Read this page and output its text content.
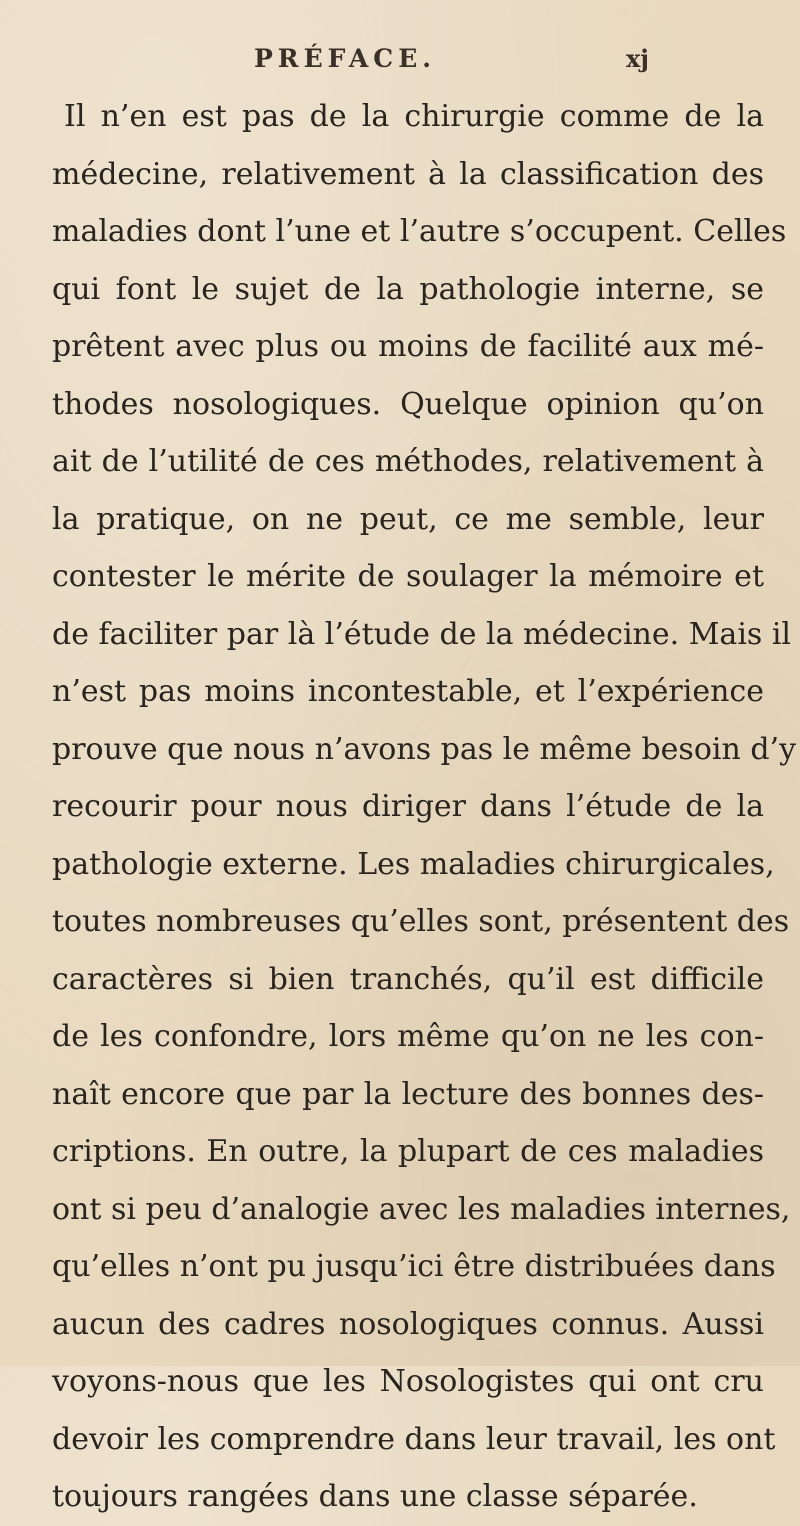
PRÉFACE.	xj
Il n’en est pas de la chirurgie comme de la
médecine, relativement à la classification des
maladies dont l’une et l’autre s’occupent. Celles
qui font le sujet de la pathologie interne, se
prêtent avec plus ou moins de facilité aux mé-
thodes nosologiques. Quelque opinion qu’on
ait de l’utilité de ces méthodes, relativement à
la pratique, on ne peut, ce me semble, leur
contester le mérite de soulager la mémoire et
de faciliter par là l’étude de la médecine. Mais il
n’est pas moins incontestable, et l’expérience
prouve que nous n’avons pas le même besoin d’y
recourir pour nous diriger dans l’étude de la
pathologie externe. Les maladies chirurgicales,
toutes nombreuses qu’elles sont, présentent des
caractères si bien tranchés, qu’il est difficile
de les confondre, lors même qu’on ne les con-
naît encore que par la lecture des bonnes des-
criptions. En outre, la plupart de ces maladies
ont si peu d’analogie avec les maladies internes,
qu’elles n’ont pu jusqu’ici être distribuées dans
aucun des cadres nosologiques connus. Aussi
voyons-nous que les Nosologistes qui ont cru
devoir les comprendre dans leur travail, les ont
toujours rangées dans une classe séparée.
